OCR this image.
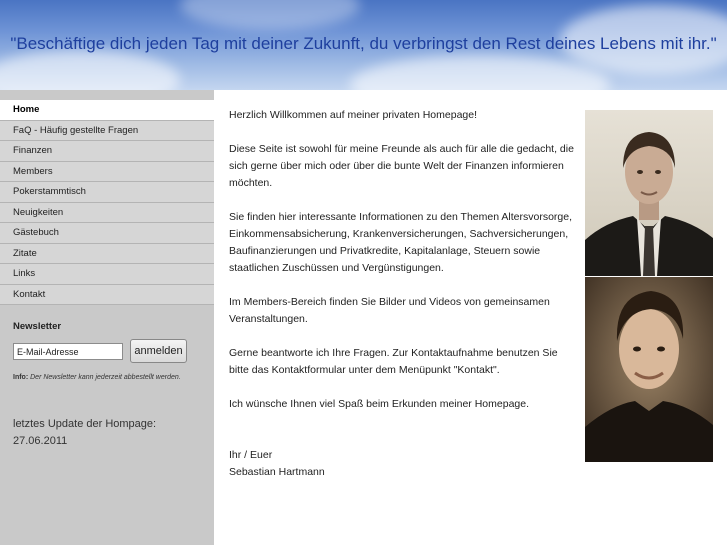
"Beschäftige dich jeden Tag mit deiner Zukunft, du verbringst den Rest deines Lebens mit ihr."
Home
FaQ - Häufig gestellte Fragen
Finanzen
Members
Pokerstammtisch
Neuigkeiten
Gästebuch
Zitate
Links
Kontakt
Newsletter
E-Mail-Adresse
anmelden
Info: Der Newsletter kann jederzeit abbestellt werden.
letztes Update der Hompage:
27.06.2011

Herzlich Willkommen auf meiner privaten Homepage!

Diese Seite ist sowohl für meine Freunde als auch für alle die gedacht, die sich gerne über mich oder über die bunte Welt der Finanzen informieren möchten.

Sie finden hier interessante Informationen zu den Themen Altersvorsorge, Einkommensabsicherung, Krankenversicherungen, Sachversicherungen, Baufinanzierungen und Privatkredite, Kapitalanlage, Steuern sowie staatlichen Zuschüssen und Vergünstigungen.

Im Members-Bereich finden Sie Bilder und Videos von gemeinsamen Veranstaltungen.

Gerne beantworte ich Ihre Fragen. Zur Kontaktaufnahme benutzen Sie bitte das Kontaktformular unter dem Menüpunkt "Kontakt".

Ich wünsche Ihnen viel Spaß beim Erkunden meiner Homepage.

Ihr / Euer
Sebastian Hartmann
